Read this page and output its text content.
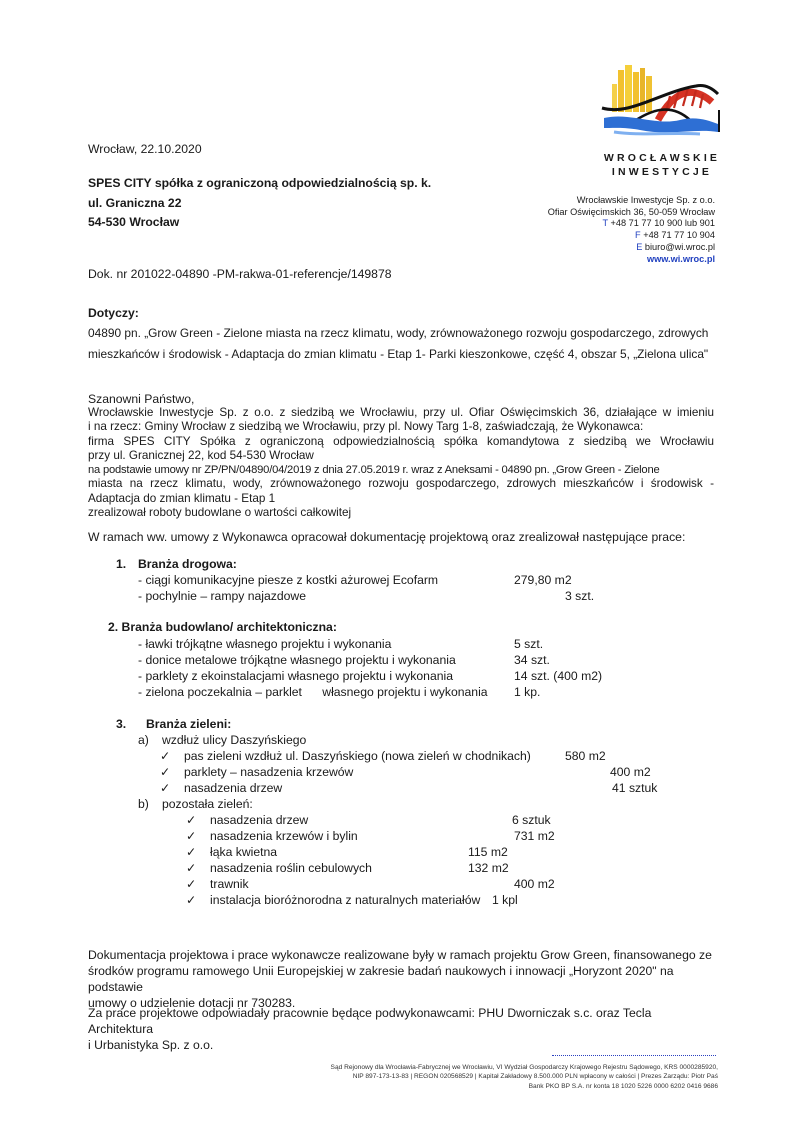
WROCŁAWSKIE
INWESTYCJE
Wrocławskie Inwestycje Sp. z o.o.
Ofiar Oświęcimskich 36, 50-059 Wrocław
T +48 71 77 10 900 lub 901
F +48 71 77 10 904
E biuro@wi.wroc.pl
www.wi.wroc.pl
Wrocław, 22.10.2020
SPES CITY spółka z ograniczoną odpowiedzialnością sp. k.
ul. Graniczna 22
54-530 Wrocław
Dok. nr 201022-04890 -PM-rakwa-01-referencje/149878
Dotyczy:
04890 pn. „Grow Green - Zielone miasta na rzecz klimatu, wody, zrównoważonego rozwoju gospodarczego, zdrowych
mieszkańców i środowisk - Adaptacja do zmian klimatu - Etap 1- Parki kieszonkowe, część 4, obszar 5, „Zielona ulica"
Szanowni Państwo,
Wrocławskie Inwestycje Sp. z o.o. z siedzibą we Wrocławiu, przy ul. Ofiar Oświęcimskich 36, działające w imieniu
i na rzecz: Gminy Wrocław z siedzibą we Wrocławiu, przy pl. Nowy Targ 1-8, zaświadczają, że Wykonawca:
firma SPES CITY Spółka z ograniczoną odpowiedzialnością spółka komandytowa z siedzibą we Wrocławiu
przy ul. Granicznej 22, kod 54-530 Wrocław
na podstawie umowy nr ZP/PN/04890/04/2019 z dnia 27.05.2019 r. wraz z Aneksami - 04890 pn. „Grow Green - Zielone
miasta na rzecz klimatu, wody, zrównoważonego rozwoju gospodarczego, zdrowych mieszkańców i środowisk -
Adaptacja do zmian klimatu - Etap 1
zrealizował roboty budowlane o wartości całkowitej
W ramach ww. umowy z Wykonawca opracował dokumentację projektową oraz zrealizował następujące prace:
1. Branża drogowa:
- ciągi komunikacyjne piesze z kostki ażurowej Ecofarm	279,80 m2
- pochylnie – rampy najazdowe	3 szt.
2. Branża budowlano/ architektoniczna:
- ławki trójkątne własnego projektu i wykonania	5 szt.
- donice metalowe trójkątne własnego projektu i wykonania	34 szt.
- parklety z ekoinstalacjami własnego projektu i wykonania	14 szt. (400 m2)
- zielona poczekalnia – parklet      własnego projektu i wykonania 1 kp.
3. Branża zieleni:
a) wzdłuż ulicy Daszyńskiego
✓ pas zieleni wzdłuż ul. Daszyńskiego (nowa zieleń w chodnikach)	580 m2
✓ parklety – nasadzenia krzewów	400 m2
✓ nasadzenia drzew	41 sztuk
b) pozostała zieleń:
✓ nasadzenia drzew	6 sztuk
✓ nasadzenia krzewów i bylin	731 m2
✓ łąka kwietna	115 m2
✓ nasadzenia roślin cebulowych	132 m2
✓ trawnik	400 m2
✓ instalacja bioróżnorodna z naturalnych materiałów 1 kpl
Dokumentacja projektowa i prace wykonawcze realizowane były w ramach projektu Grow Green, finansowanego ze
środków programu ramowego Unii Europejskiej w zakresie badań naukowych i innowacji „Horyzont 2020" na podstawie
umowy o udzielenie dotacji nr 730283.
Za prace projektowe odpowiadały pracownie będące podwykonawcami: PHU Dworniczak s.c. oraz Tecla Architektura
i Urbanistyka Sp. z o.o.
Sąd Rejonowy dla Wrocławia-Fabrycznej we Wrocławiu, VI Wydział Gospodarczy Krajowego Rejestru Sądowego, KRS 0000285920,
NIP 897-173-13-83 | REGON 020568529 | Kapitał Zakładowy 8.500.000 PLN wpłacony w całości | Prezes Zarządu: Piotr Paś
Bank PKO BP S.A. nr konta 18 1020 5226 0000 6202 0416 9686
